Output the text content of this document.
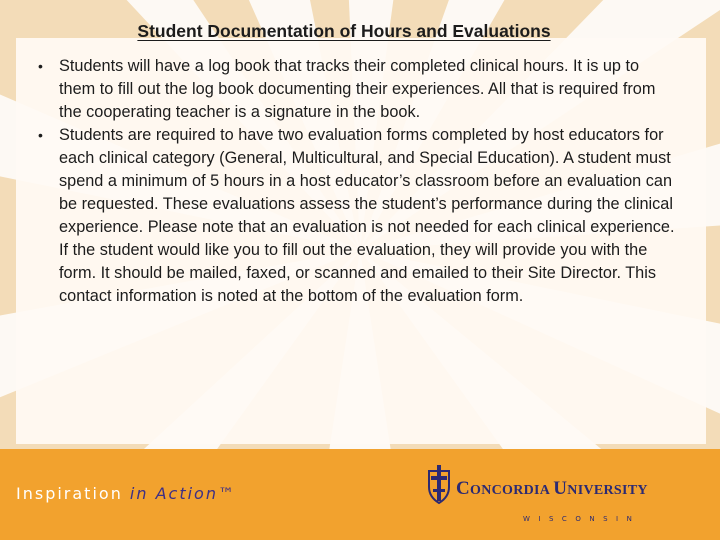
Student Documentation of Hours and Evaluations
• Students will have a log book that tracks their completed clinical hours. It is up to them to fill out the log book documenting their experiences. All that is required from the cooperating teacher is a signature in the book.
• Students are required to have two evaluation forms completed by host educators for each clinical category (General, Multicultural, and Special Education). A student must spend a minimum of 5 hours in a host educator’s classroom before an evaluation can be requested. These evaluations assess the student’s performance during the clinical experience. Please note that an evaluation is not needed for each clinical experience. If the student would like you to fill out the evaluation, they will provide you with the form. It should be mailed, faxed, or scanned and emailed to their Site Director. This contact information is noted at the bottom of the evaluation form.
Inspiration in Action™	CONCORDIA UNIVERSITY
WISCONSIN
